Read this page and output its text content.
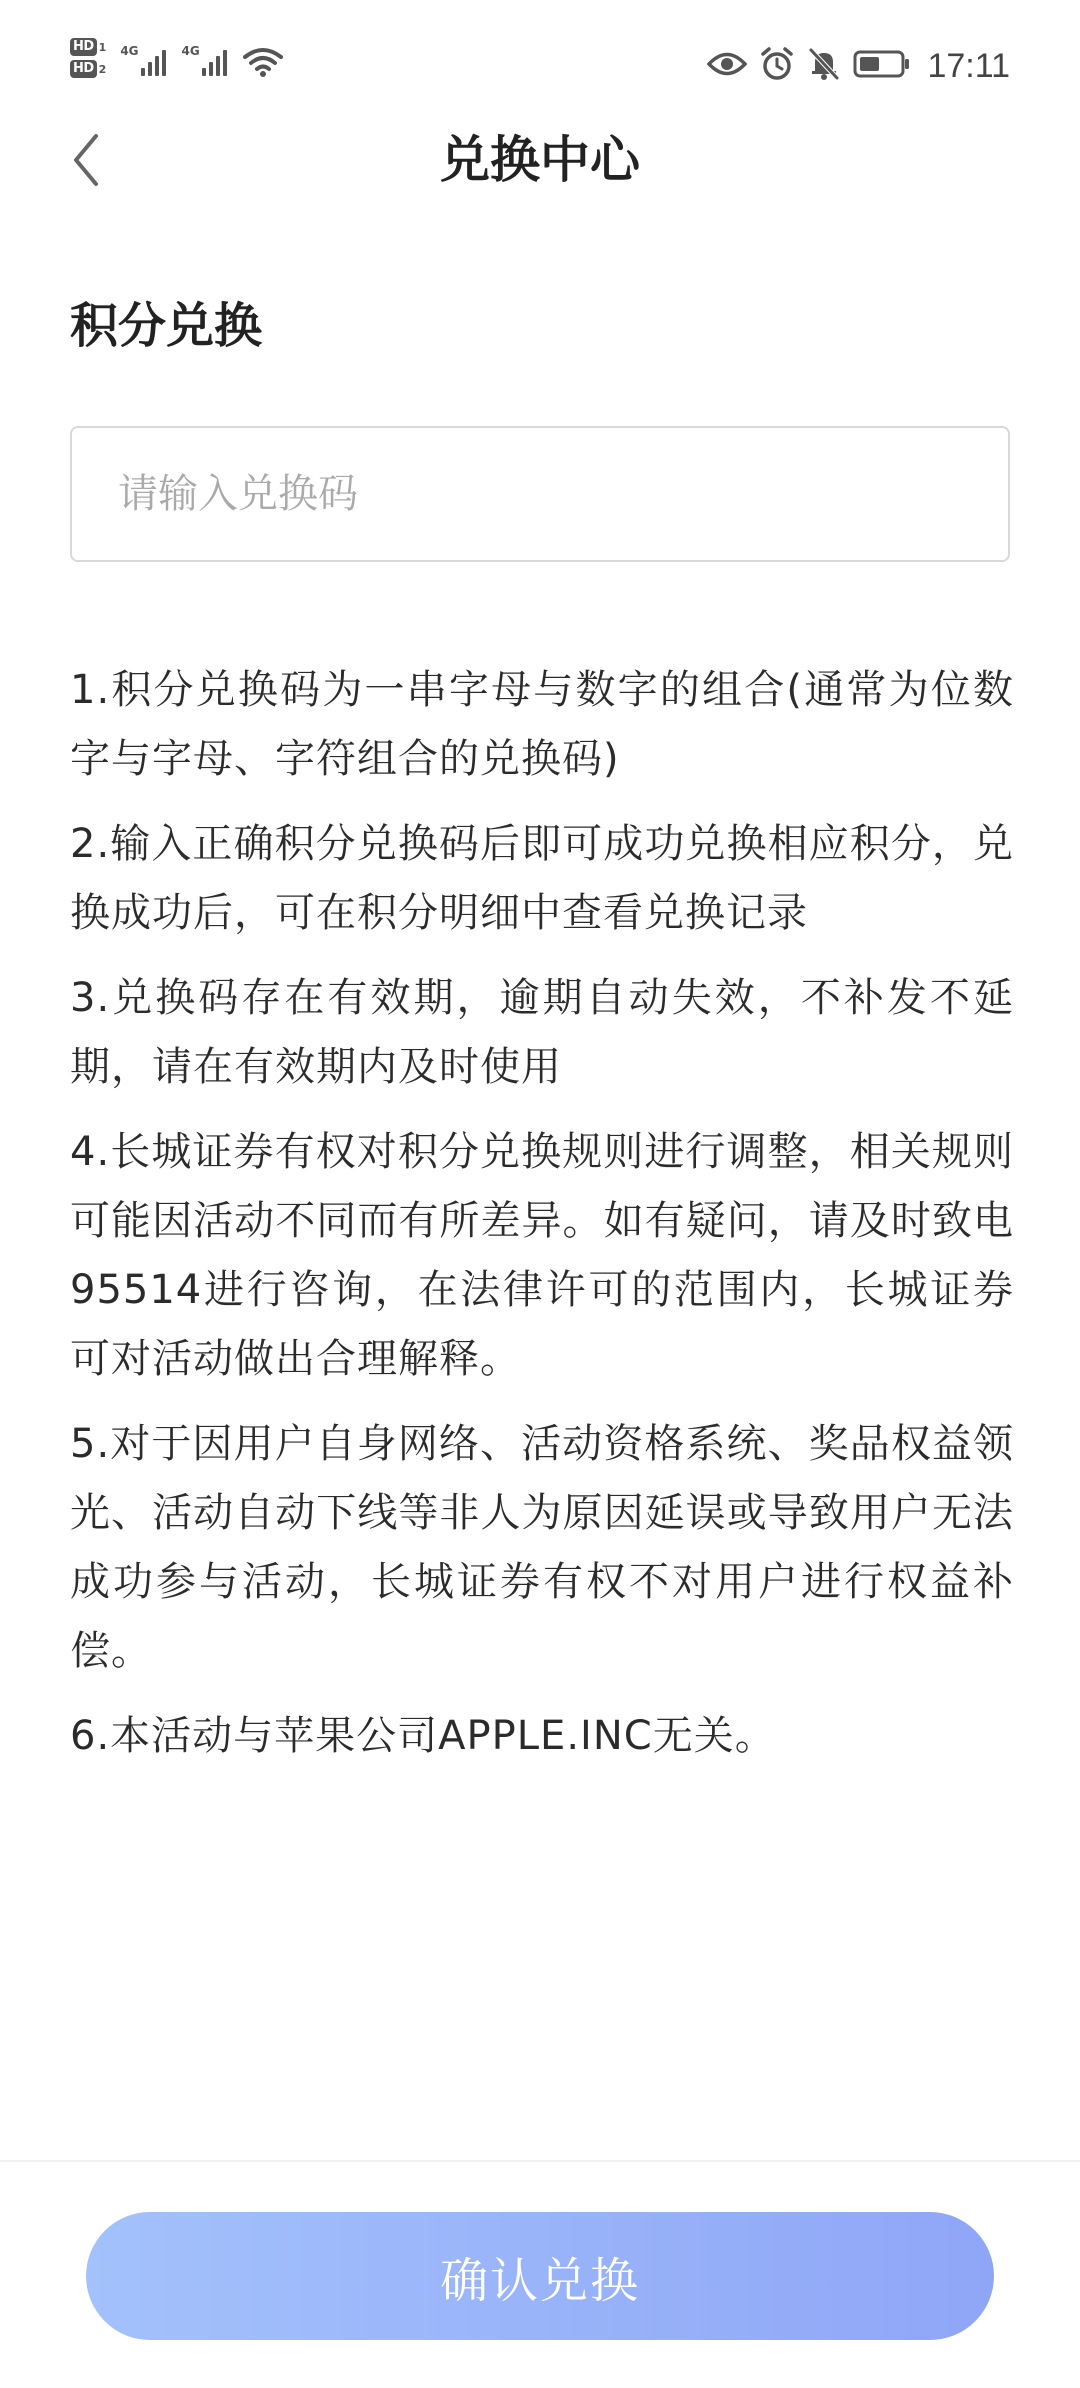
HD 1
HD 2
4G	4G	17:11
兑换中心
积分兑换
请输入兑换码

1.积分兑换码为一串字母与数字的组合(通常为位数字与字母、字符组合的兑换码)

2.输入正确积分兑换码后即可成功兑换相应积分，兑换成功后，可在积分明细中查看兑换记录

3.兑换码存在有效期，逾期自动失效，不补发不延期，请在有效期内及时使用

4.长城证券有权对积分兑换规则进行调整，相关规则可能因活动不同而有所差异。如有疑问，请及时致电95514进行咨询，在法律许可的范围内，长城证券可对活动做出合理解释。

5.对于因用户自身网络、活动资格系统、奖品权益领光、活动自动下线等非人为原因延误或导致用户无法成功参与活动，长城证券有权不对用户进行权益补偿。

6.本活动与苹果公司APPLE.INC无关。

确认兑换
